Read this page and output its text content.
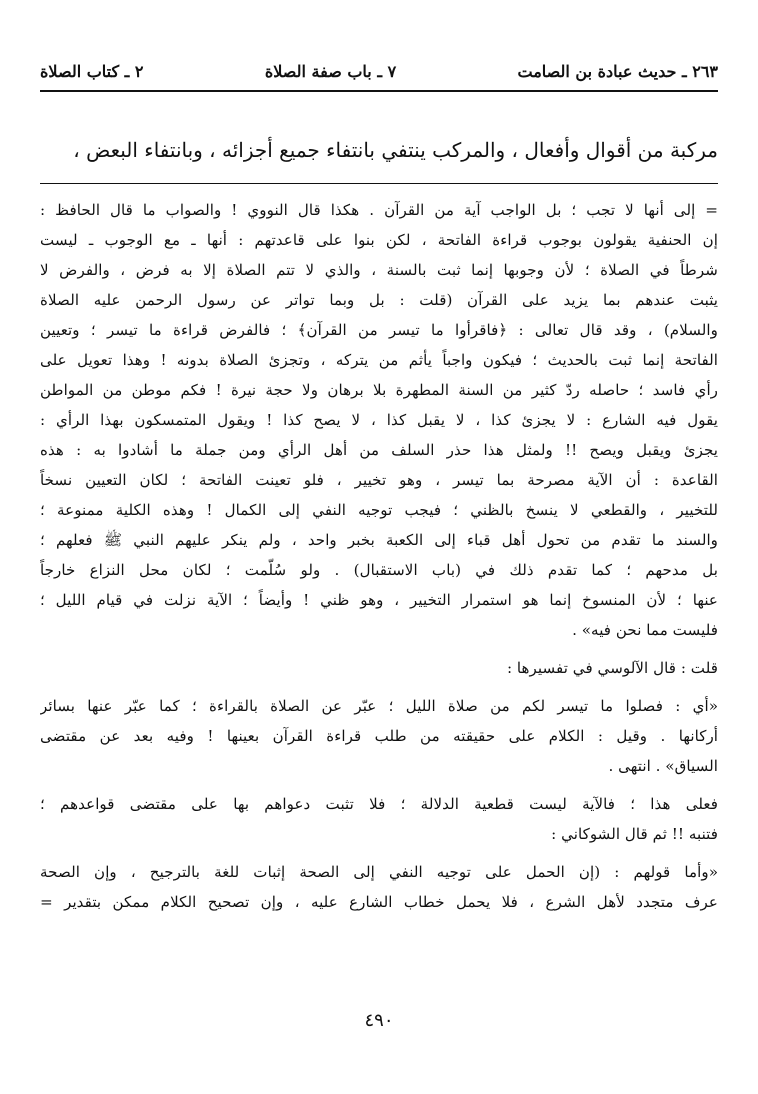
٢ ـ كتاب الصلاة	٧ ـ باب صفة الصلاة	٢٦٣ ـ حديث عبادة بن الصامت
مركبة من أقوال وأفعال ، والمركب ينتفي بانتفاء جميع أجزائه ، وبانتفاء البعض ،
= إلى أنها لا تجب ؛ بل الواجب آية من القرآن . هكذا قال النووي ! والصواب ما قال الحافظ :
إن الحنفية يقولون بوجوب قراءة الفاتحة ، لكن بنوا على قاعدتهم : أنها ـ مع الوجوب ـ ليست
شرطاً في الصلاة ؛ لأن وجوبها إنما ثبت بالسنة ، والذي لا تتم الصلاة إلا به فرض ، والفرض لا
يثبت عندهم بما يزيد على القرآن (قلت : بل وبما تواتر عن رسول الرحمن عليه الصلاة
والسلام) ، وقد قال تعالى : ﴿فاقرأوا ما تيسر من القرآن﴾ ؛ فالفرض قراءة ما تيسر ؛ وتعيين
الفاتحة إنما ثبت بالحديث ؛ فيكون واجباً يأثم من يتركه ، وتجزئ الصلاة بدونه ! وهذا تعويل على
رأي فاسد ؛ حاصله ردّ كثير من السنة المطهرة بلا برهان ولا حجة نيرة ! فكم موطن من المواطن
يقول فيه الشارع : لا يجزئ كذا ، لا يقبل كذا ، لا يصح كذا ! ويقول المتمسكون بهذا الرأي :
يجزئ ويقبل ويصح !! ولمثل هذا حذر السلف من أهل الرأي ومن جملة ما أشادوا به : هذه
القاعدة : أن الآية مصرحة بما تيسر ، وهو تخيير ، فلو تعينت الفاتحة ؛ لكان التعيين نسخاً
للتخيير ، والقطعي لا ينسخ بالظني ؛ فيجب توجيه النفي إلى الكمال ! وهذه الكلية ممنوعة ؛
والسند ما تقدم من تحول أهل قباء إلى الكعبة بخبر واحد ، ولم ينكر عليهم النبي ﷺ فعلهم ؛
بل مدحهم ؛ كما تقدم ذلك في (باب الاستقبال) . ولو سُلّمت ؛ لكان محل النزاع خارجاً
عنها ؛ لأن المنسوخ إنما هو استمرار التخيير ، وهو ظني ! وأيضاً ؛ الآية نزلت في قيام الليل ؛
فليست مما نحن فيه» .
قلت : قال الآلوسي في تفسيرها :
«أي : فصلوا ما تيسر لكم من صلاة الليل ؛ عبّر عن الصلاة بالقراءة ؛ كما عبّر عنها بسائر
أركانها . وقيل : الكلام على حقيقته من طلب قراءة القرآن بعينها ! وفيه بعد عن مقتضى
السياق» . انتهى .
فعلى هذا ؛ فالآية ليست قطعية الدلالة ؛ فلا تثبت دعواهم بها على مقتضى قواعدهم ؛
فتنبه !! ثم قال الشوكاني :
«وأما قولهم : (إن الحمل على توجيه النفي إلى الصحة إثبات للغة بالترجيح ، وإن الصحة
عرف متجدد لأهل الشرع ، فلا يحمل خطاب الشارع عليه ، وإن تصحيح الكلام ممكن بتقدير =
٤٩٠
